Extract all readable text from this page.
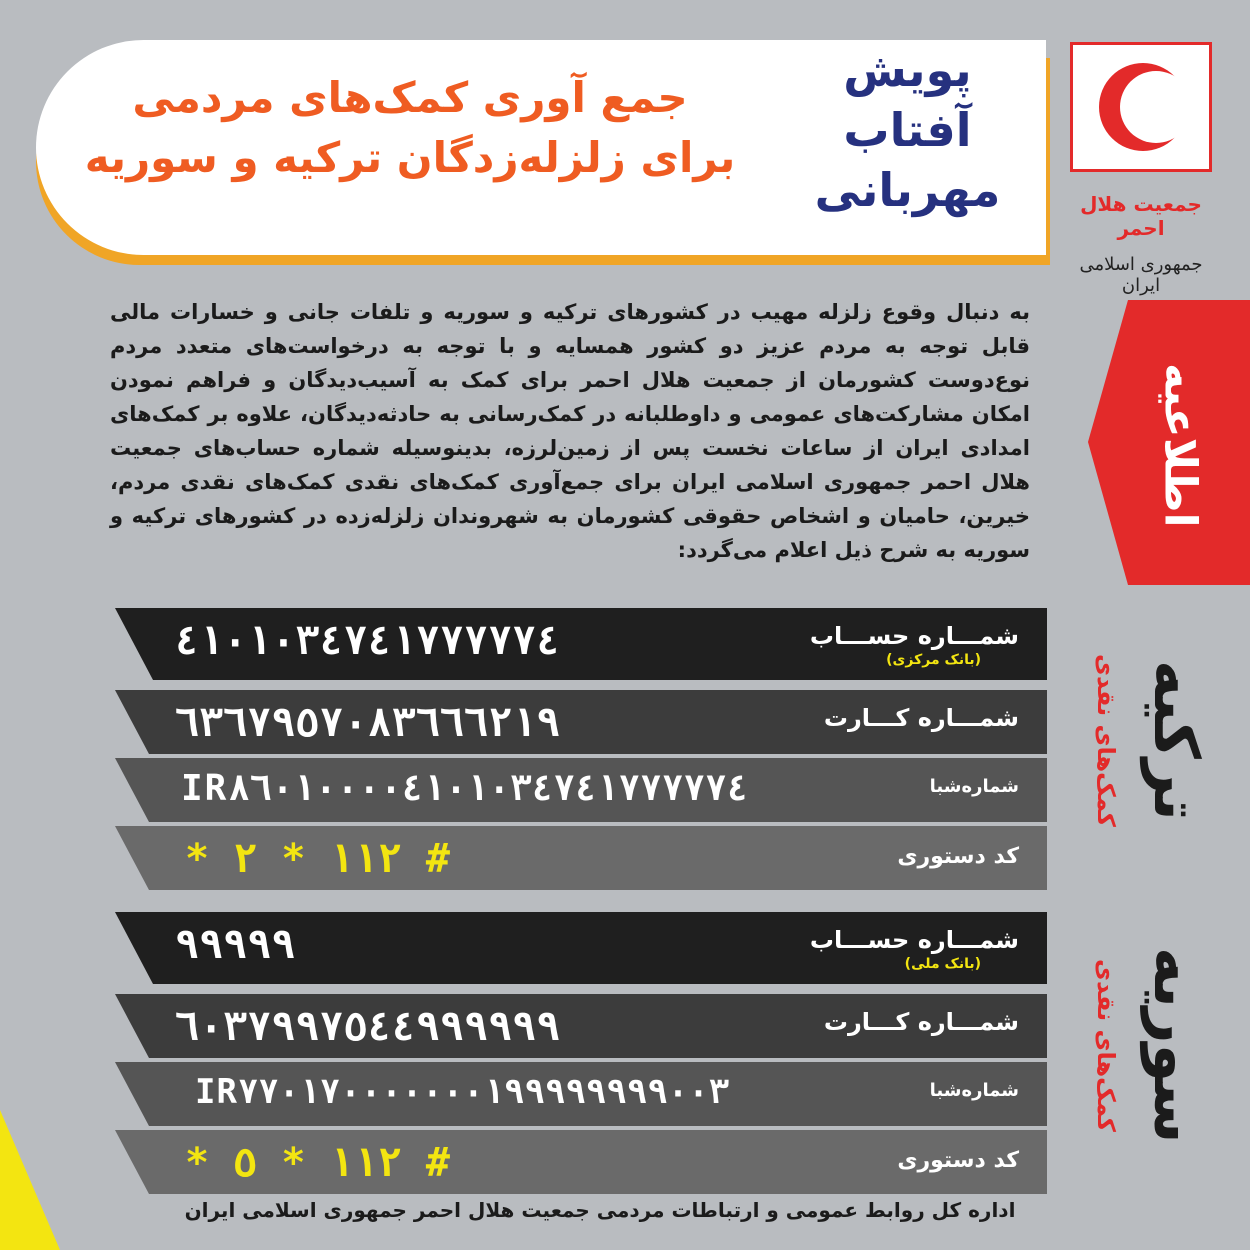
جمع آوری کمک‌های مردمی
برای زلزله‌زدگان ترکیه و سوریه
پویش
آفتاب
مهربانی	جمعیت هلال احمر
جمهوری اسلامی ایران
اطلاعیه
به دنبال وقوع زلزله مهیب در کشورهای ترکیه و سوریه و تلفات جانی و خسارات مالی قابل توجه به مردم عزیز دو کشور همسایه و با توجه به درخواست‌های متعدد مردم نوع‌دوست کشورمان از جمعیت هلال احمر برای کمک به آسیب‌دیدگان و فراهم نمودن امکان مشارکت‌های عمومی و داوطلبانه در کمک‌رسانی به حادثه‌دیدگان، علاوه بر کمک‌های امدادی ایران از ساعات نخست پس از زمین‌لرزه، بدینوسیله شماره حساب‌های جمعیت هلال احمر جمهوری اسلامی ایران برای جمع‌آوری کمک‌های نقدی کمک‌های نقدی مردم، خیرین، حامیان و اشخاص حقوقی کشورمان به شهروندان زلزله‌زده در کشورهای ترکیه و سوریه به شرح ذیل اعلام می‌گردد:
ترکیه
کمک‌های نقدی
شمـــاره حســـاب
(بانک مرکزی)
٤١٠١٠٣٤٧٤١٧٧٧٧٧٤
شمـــاره کـــارت
٦٣٦٧٩٥٧٠٨٣٦٦٦٢١٩
شماره‌شبا
IR٨٦٠١٠٠٠٠٤١٠١٠٣٤٧٤١٧٧٧٧٧٤
کد دستوری
* ١١٢ * ٢ #
سوریه
کمک‌های نقدی
شمـــاره حســـاب
(بانک ملی)
٩٩٩٩٩
شمـــاره کـــارت
٦٠٣٧٩٩٧٥٤٤٩٩٩٩٩٩
شماره‌شبا
IR٧٧٠١٧٠٠٠٠٠٠٠١٩٩٩٩٩٩٩٩٠٠٣
کد دستوری
* ١١٢ * ٥ #
اداره کل روابط عمومی و ارتباطات مردمی جمعیت هلال احمر جمهوری اسلامی ایران
